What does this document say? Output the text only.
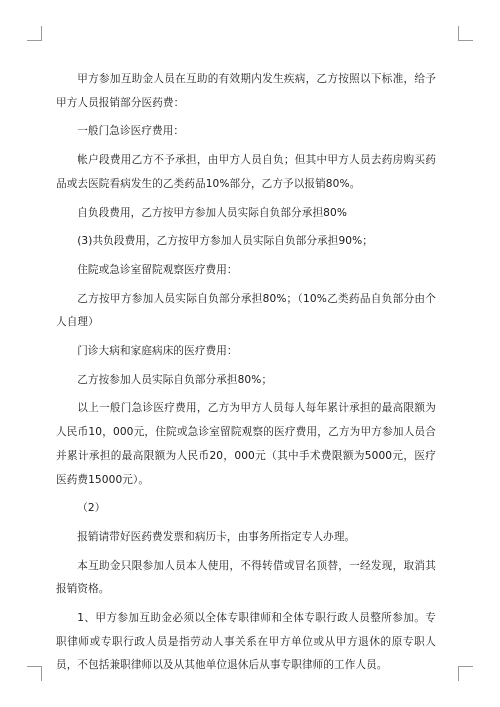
甲方参加互助金人员在互助的有效期内发生疾病，乙方按照以下标准，给予甲方人员报销部分医药费：

一般门急诊医疗费用：

帐户段费用乙方不予承担，由甲方人员自负；但其中甲方人员去药房购买药品或去医院看病发生的乙类药品10%部分，乙方予以报销80%。

自负段费用，乙方按甲方参加人员实际自负部分承担80%

(3)共负段费用，乙方按甲方参加人员实际自负部分承担90%；

住院或急诊室留院观察医疗费用：

乙方按甲方参加人员实际自负部分承担80%；（10%乙类药品自负部分由个人自理）

门诊大病和家庭病床的医疗费用：

乙方按参加人员实际自负部分承担80%；

以上一般门急诊医疗费用，乙方为甲方人员每人每年累计承担的最高限额为人民币10，000元，住院或急诊室留院观察的医疗费用，乙方为甲方参加人员合并累计承担的最高限额为人民币20，000元（其中手术费限额为5000元，医疗医药费15000元）。

（2）

报销请带好医药费发票和病历卡，由事务所指定专人办理。

本互助金只限参加人员本人使用，不得转借或冒名顶替，一经发现，取消其报销资格。

1、甲方参加互助金必须以全体专职律师和全体专职行政人员整所参加。专职律师或专职行政人员是指劳动人事关系在甲方单位或从甲方退休的原专职人员，不包括兼职律师以及从其他单位退休后从事专职律师的工作人员。
